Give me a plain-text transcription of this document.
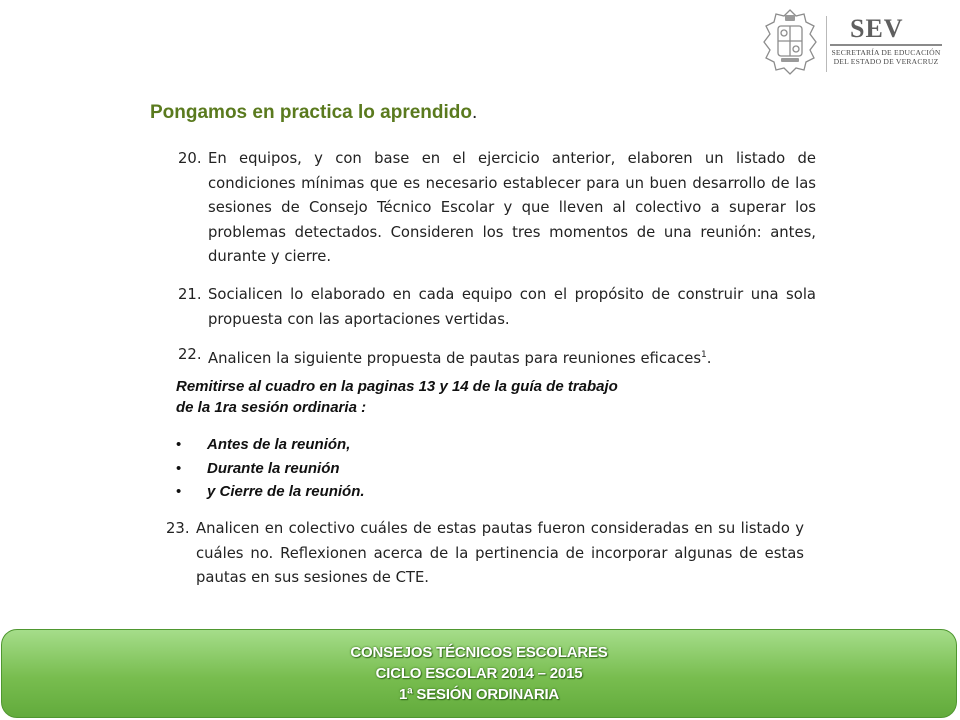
SEV
SECRETARÍA DE EDUCACIÓN
DEL ESTADO DE VERACRUZ
Pongamos en practica lo aprendido.
20. En equipos, y con base en el ejercicio anterior, elaboren un listado de condiciones mínimas que es necesario establecer para un buen desarrollo de las sesiones de Consejo Técnico Escolar y que lleven al colectivo a superar los problemas detectados. Consideren los tres momentos de una reunión: antes, durante y cierre.
21. Socialicen lo elaborado en cada equipo con el propósito de construir una sola propuesta con las aportaciones vertidas.
22. Analicen la siguiente propuesta de pautas para reuniones eficaces$^1$.
Remitirse al cuadro en la paginas 13 y 14 de la guía de trabajo
de la 1ra sesión ordinaria :
• Antes de la reunión,
• Durante la reunión
• y Cierre de la reunión.
23. Analicen en colectivo cuáles de estas pautas fueron consideradas en su listado y cuáles no. Reflexionen acerca de la pertinencia de incorporar algunas de estas pautas en sus sesiones de CTE.
CONSEJOS TÉCNICOS ESCOLARES
CICLO ESCOLAR 2014 – 2015
1ª SESIÓN ORDINARIA
